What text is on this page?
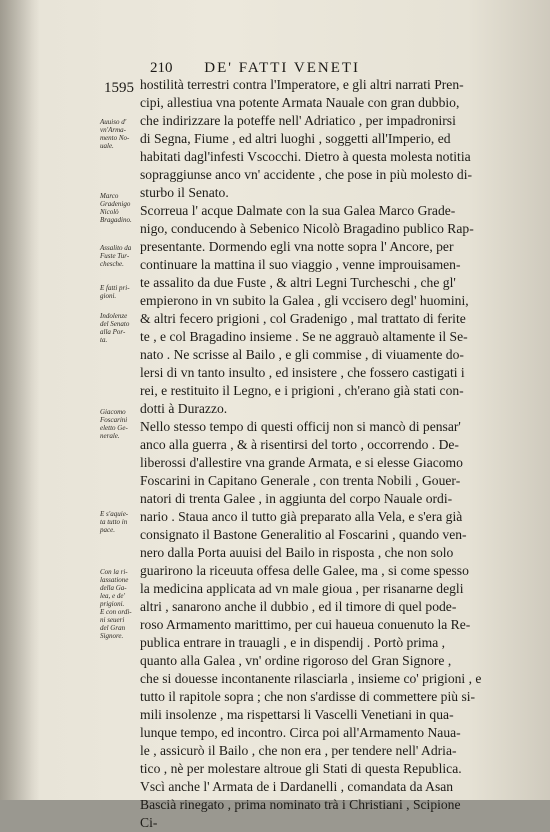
210 DE' FATTI VENETI
1595 hostilità terrestri contra l'Imperatore, e gli altri narrati Pren-
cipi, allestiua vna potente Armata Nauale con gran dubbio,
che indirizzare la poteffe nell' Adriatico , per impadronirsi
di Segna, Fiume , ed altri luoghi , soggetti all'Imperio, ed
habitati dagl'infesti Vscocchi. Dietro à questa molesta notitia
sopraggiunse anco vn' accidente , che pose in più molesto di-
sturbo il Senato.
Scorreua l' acque Dalmate con la sua Galea Marco Grade-
nigo, conducendo à Sebenico Nicolò Bragadino publico Rap-
presentante. Dormendo egli vna notte sopra l' Ancore, per
continuare la mattina il suo viaggio , venne improuisamen-
te assalito da due Fuste , & altri Legni Turcheschi , che gl'
empierono in vn subito la Galea , gli vccisero degl' huomini,
& altri fecero prigioni , col Gradenigo , mal trattato di ferite
te , e col Bragadino insieme . Se ne aggrauò altamente il Se-
nato . Ne scrisse al Bailo , e gli commise , di viuamente do-
lersi di vn tanto insulto , ed insistere , che fossero castigati i
rei, e restituito il Legno, e i prigioni , ch'erano già stati con-
dotti à Durazzo.
Nello stesso tempo di questi officij non si mancò di pensar'
anco alla guerra , & à risentirsi del torto , occorrendo . De-
liberossi d'allestire vna grande Armata, e si elesse Giacomo
Foscarini in Capitano Generale , con trenta Nobili , Gouer-
natori di trenta Galee , in aggiunta del corpo Nauale ordi-
nario . Staua anco il tutto già preparato alla Vela, e s'era già
consignato il Bastone Generalitio al Foscarini , quando ven-
nero dalla Porta auuisi del Bailo in risposta , che non solo
guarirono la riceuuta offesa delle Galee, ma , si come spesso
la medicina applicata ad vn male gioua , per risanarne degli
altri , sanarono anche il dubbio , ed il timore di quel pode-
roso Armamento marittimo, per cui haueua conuenuto la Re-
publica entrare in trauagli , e in dispendij . Portò prima ,
quanto alla Galea , vn' ordine rigoroso del Gran Signore ,
che si douesse incontanente rilasciarla , insieme co' prigioni , e
tutto il rapitole sopra ; che non s'ardisse di commettere più si-
mili insolenze , ma rispettarsi li Vascelli Venetiani in qua-
lunque tempo, ed incontro. Circa poi all'Armamento Naua-
le , assicurò il Bailo , che non era , per tendere nell' Adria-
tico , nè per molestare altroue gli Stati di questa Republica.
Vscì anche l' Armata de i Dardanelli , comandata da Asan
Bascià rinegato , prima nominato trà i Christiani , Scipione
Ci-
Auuiso d'
vn'Arma-
mento No-
uale.
Marco
Gradenigo
Nicolò
Bragadino.
Assalito da
Fuste Tur-
chesche.
E fatti pri-
gioni.
Indolenze
del Senato
alla Por-
ta.
Giacomo
Foscarini
eletto Ge-
nerale.
E s'aquie-
ta tutto in
pace.
Con la ri-
lassatione
della Ga-
lea, e de'
prigioni.
E con ordi-
ni seueri
del Gran
Signore.
